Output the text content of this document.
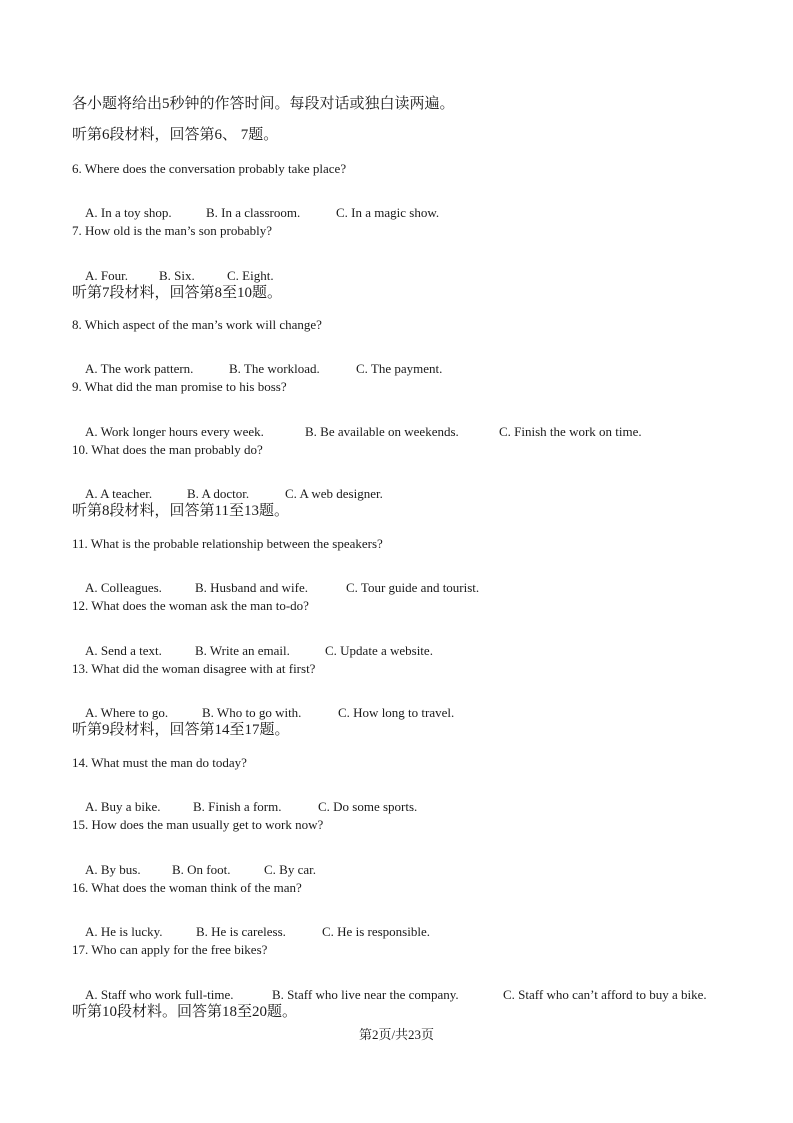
各小题将给出5秒钟的作答时间。每段对话或独白读两遍。
听第6段材料，回答第6、 7题。
6. Where does the conversation probably take place?

A. In a toy shop.	B. In a classroom.	C. In a magic show.

7. How old is the man’s son probably?

A. Four. B. Six. C. Eight.

听第7段材料，回答第8至10题。
8. Which aspect of the man’s work will change?

A. The work pattern.	B. The workload.	C. The payment.

9. What did the man promise to his boss?

A. Work longer hours every week.	B. Be available on weekends.	C. Finish the work on time.

10. What does the man probably do?

A. A teacher.	B. A doctor.	C. A web designer.

听第8段材料，回答第11至13题。
11. What is the probable relationship between the speakers?

A. Colleagues.	B. Husband and wife.	C. Tour guide and tourist.

12. What does the woman ask the man to-do?

A. Send a text.	B. Write an email.	C. Update a website.

13. What did the woman disagree with at first?

A. Where to go.	B. Who to go with.	C. How long to travel.

听第9段材料，回答第14至17题。
14. What must the man do today?

A. Buy a bike.	B. Finish a form.	C. Do some sports.

15. How does the man usually get to work now?

A. By bus. B. On foot.	C. By car.

16. What does the woman think of the man?

A. He is lucky.	B. He is careless.	C. He is responsible.

17. Who can apply for the free bikes?

A. Staff who work full-time.	B. Staff who live near the company.	C. Staff who can’t afford to buy a bike.

听第10段材料。回答第18至20题。
第2页/共23页
